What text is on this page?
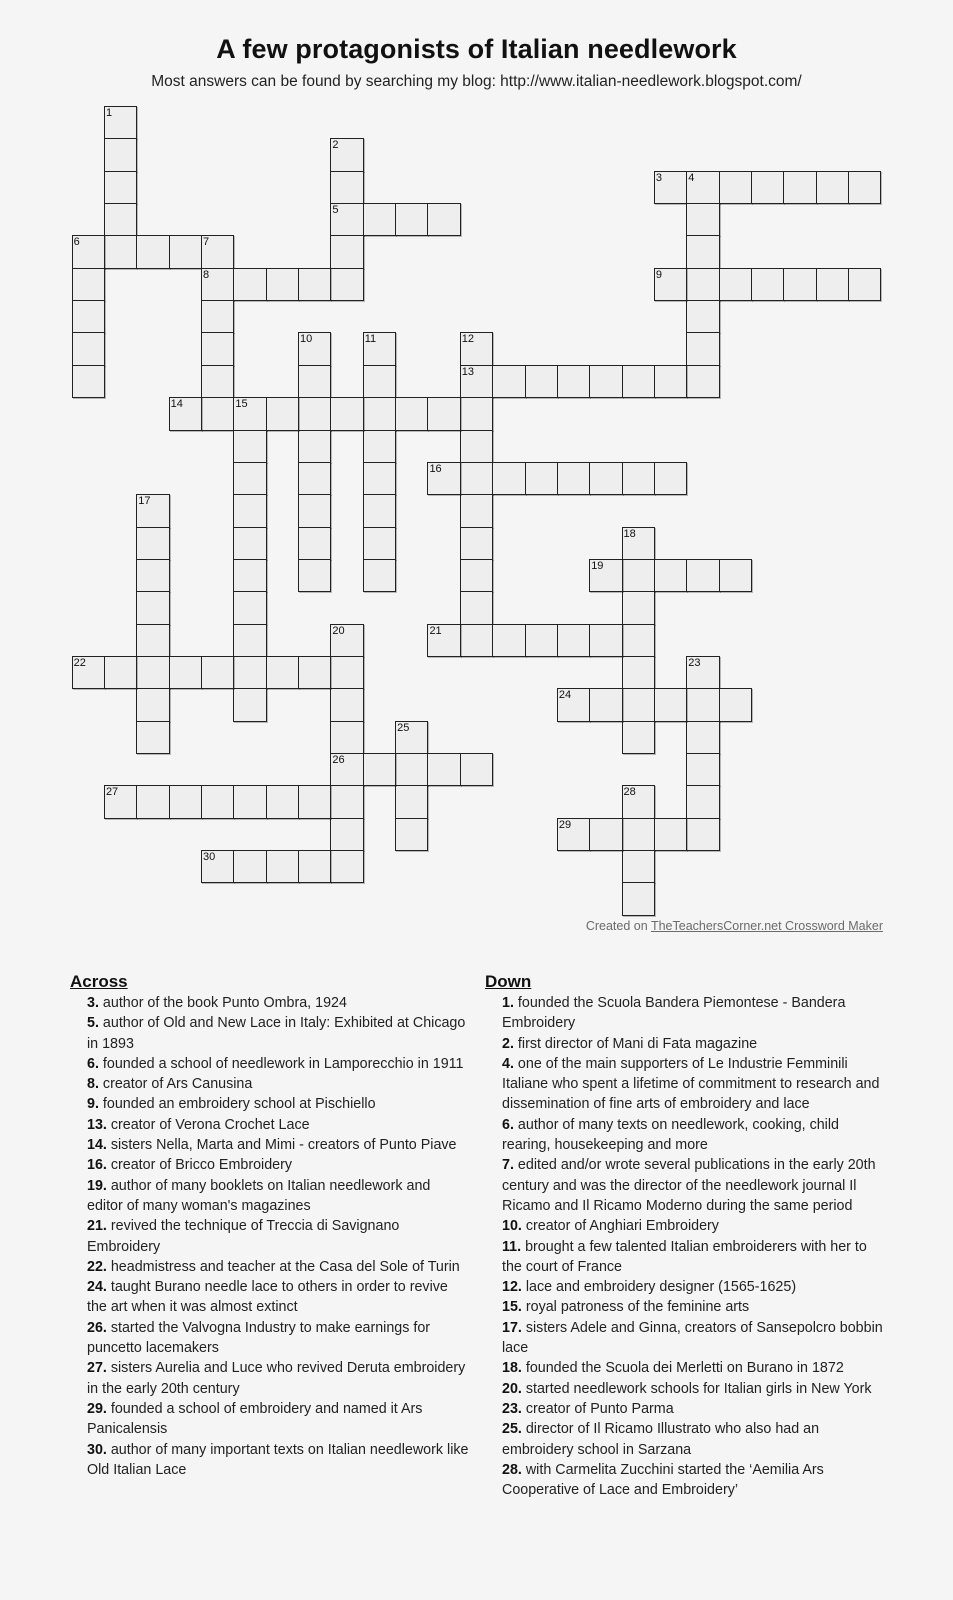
A few protagonists of Italian needlework
Most answers can be found by searching my blog: http://www.italian-needlework.blogspot.com/
1
2
5
3 4
6	7
8	9
10	11	12
13
14	15
16
17
18
19
20
26
21
22	23
24
25
27	28
29
30
Created on TheTeachersCorner.net Crossword Maker
Across
3. author of the book Punto Ombra, 1924
5. author of Old and New Lace in Italy: Exhibited at Chicago in 1893
6. founded a school of needlework in Lamporecchio in 1911
8. creator of Ars Canusina
9. founded an embroidery school at Pischiello
13. creator of Verona Crochet Lace
14. sisters Nella, Marta and Mimi - creators of Punto Piave
16. creator of Bricco Embroidery
19. author of many booklets on Italian needlework and editor of many woman's magazines
21. revived the technique of Treccia di Savignano Embroidery
22. headmistress and teacher at the Casa del Sole of Turin
24. taught Burano needle lace to others in order to revive the art when it was almost extinct
26. started the Valvogna Industry to make earnings for puncetto lacemakers
27. sisters Aurelia and Luce who revived Deruta embroidery in the early 20th century
29. founded a school of embroidery and named it Ars Panicalensis
30. author of many important texts on Italian needlework like Old Italian Lace
Down
1. founded the Scuola Bandera Piemontese - Bandera Embroidery
2. first director of Mani di Fata magazine
4. one of the main supporters of Le Industrie Femminili Italiane who spent a lifetime of commitment to research and dissemination of fine arts of embroidery and lace
6. author of many texts on needlework, cooking, child rearing, housekeeping and more
7. edited and/or wrote several publications in the early 20th century and was the director of the needlework journal Il Ricamo and Il Ricamo Moderno during the same period
10. creator of Anghiari Embroidery
11. brought a few talented Italian embroiderers with her to the court of France
12. lace and embroidery designer (1565-1625)
15. royal patroness of the feminine arts
17. sisters Adele and Ginna, creators of Sansepolcro bobbin lace
18. founded the Scuola dei Merletti on Burano in 1872
20. started needlework schools for Italian girls in New York
23. creator of Punto Parma
25. director of Il Ricamo Illustrato who also had an embroidery school in Sarzana
28. with Carmelita Zucchini started the ‘Aemilia Ars Cooperative of Lace and Embroidery’
